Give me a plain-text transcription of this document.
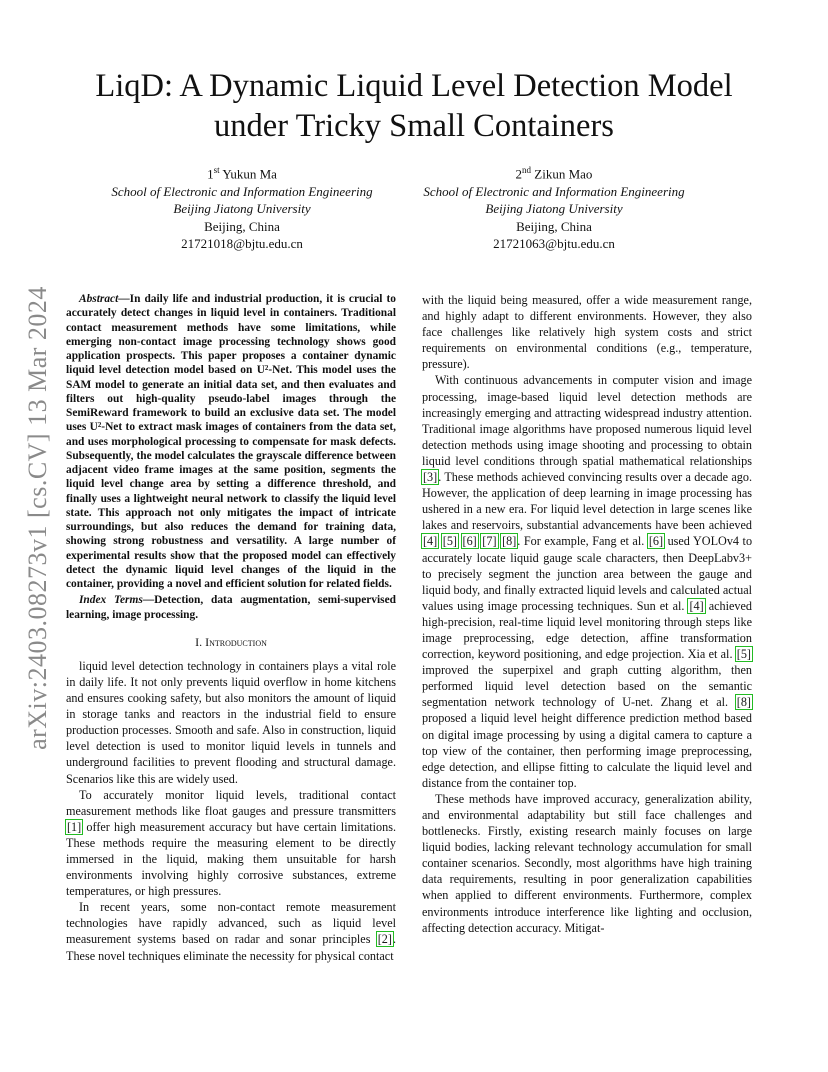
arXiv:2403.08273v1 [cs.CV] 13 Mar 2024
LiqD: A Dynamic Liquid Level Detection Model
under Tricky Small Containers
1st Yukun Ma
School of Electronic and Information Engineering
Beijing Jiatong University
Beijing, China
21721018@bjtu.edu.cn
2nd Zikun Mao
School of Electronic and Information Engineering
Beijing Jiatong University
Beijing, China
21721063@bjtu.edu.cn

Abstract—In daily life and industrial production, it is crucial to accurately detect changes in liquid level in containers. Traditional contact measurement methods have some limitations, while emerging non-contact image processing technology shows good application prospects. This paper proposes a container dynamic liquid level detection model based on U²-Net. This model uses the SAM model to generate an initial data set, and then evaluates and filters out high-quality pseudo-label images through the SemiReward framework to build an exclusive data set. The model uses U²-Net to extract mask images of containers from the data set, and uses morphological processing to compensate for mask defects. Subsequently, the model calculates the grayscale difference between adjacent video frame images at the same position, segments the liquid level change area by setting a difference threshold, and finally uses a lightweight neural network to classify the liquid level state. This approach not only mitigates the impact of intricate surroundings, but also reduces the demand for training data, showing strong robustness and versatility. A large number of experimental results show that the proposed model can effectively detect the dynamic liquid level changes of the liquid in the container, providing a novel and efficient solution for related fields.

Index Terms—Detection, data augmentation, semi-supervised learning, image processing.

I. Introduction

liquid level detection technology in containers plays a vital role in daily life. It not only prevents liquid overflow in home kitchens and ensures cooking safety, but also monitors the amount of liquid in storage tanks and reactors in the industrial field to ensure production processes. Smooth and safe. Also in construction, liquid level detection is used to monitor liquid levels in tunnels and underground facilities to prevent flooding and structural damage. Scenarios like this are widely used.

To accurately monitor liquid levels, traditional contact measurement methods like float gauges and pressure transmitters [1] offer high measurement accuracy but have certain limitations. These methods require the measuring element to be directly immersed in the liquid, making them unsuitable for harsh environments involving highly corrosive substances, extreme temperatures, or high pressures.

In recent years, some non-contact remote measurement technologies have rapidly advanced, such as liquid level measurement systems based on radar and sonar principles [2]. These novel techniques eliminate the necessity for physical contact

with the liquid being measured, offer a wide measurement range, and highly adapt to different environments. However, they also face challenges like relatively high system costs and strict requirements on environmental conditions (e.g., temperature, pressure).

With continuous advancements in computer vision and image processing, image-based liquid level detection methods are increasingly emerging and attracting widespread industry attention. Traditional image algorithms have proposed numerous liquid level detection methods using image shooting and processing to obtain liquid level conditions through spatial mathematical relationships [3]. These methods achieved convincing results over a decade ago. However, the application of deep learning in image processing has ushered in a new era. For liquid level detection in large scenes like lakes and reservoirs, substantial advancements have been achieved [4] [5] [6] [7] [8]. For example, Fang et al. [6] used YOLOv4 to accurately locate liquid gauge scale characters, then DeepLabv3+ to precisely segment the junction area between the gauge and liquid body, and finally extracted liquid levels and calculated actual values using image processing techniques. Sun et al. [4] achieved high-precision, real-time liquid level monitoring through steps like image preprocessing, edge detection, affine transformation correction, keyword positioning, and edge projection. Xia et al. [5] improved the superpixel and graph cutting algorithm, then performed liquid level detection based on the semantic segmentation network technology of U-net. Zhang et al. [8] proposed a liquid level height difference prediction method based on digital image processing by using a digital camera to capture a top view of the container, then performing image preprocessing, edge detection, and ellipse fitting to calculate the liquid level and distance from the container top.

These methods have improved accuracy, generalization ability, and environmental adaptability but still face challenges and bottlenecks. Firstly, existing research mainly focuses on large liquid bodies, lacking relevant technology accumulation for small container scenarios. Secondly, most algorithms have high training data requirements, resulting in poor generalization capabilities when applied to different environments. Furthermore, complex environments introduce interference like lighting and occlusion, affecting detection accuracy. Mitigat-
